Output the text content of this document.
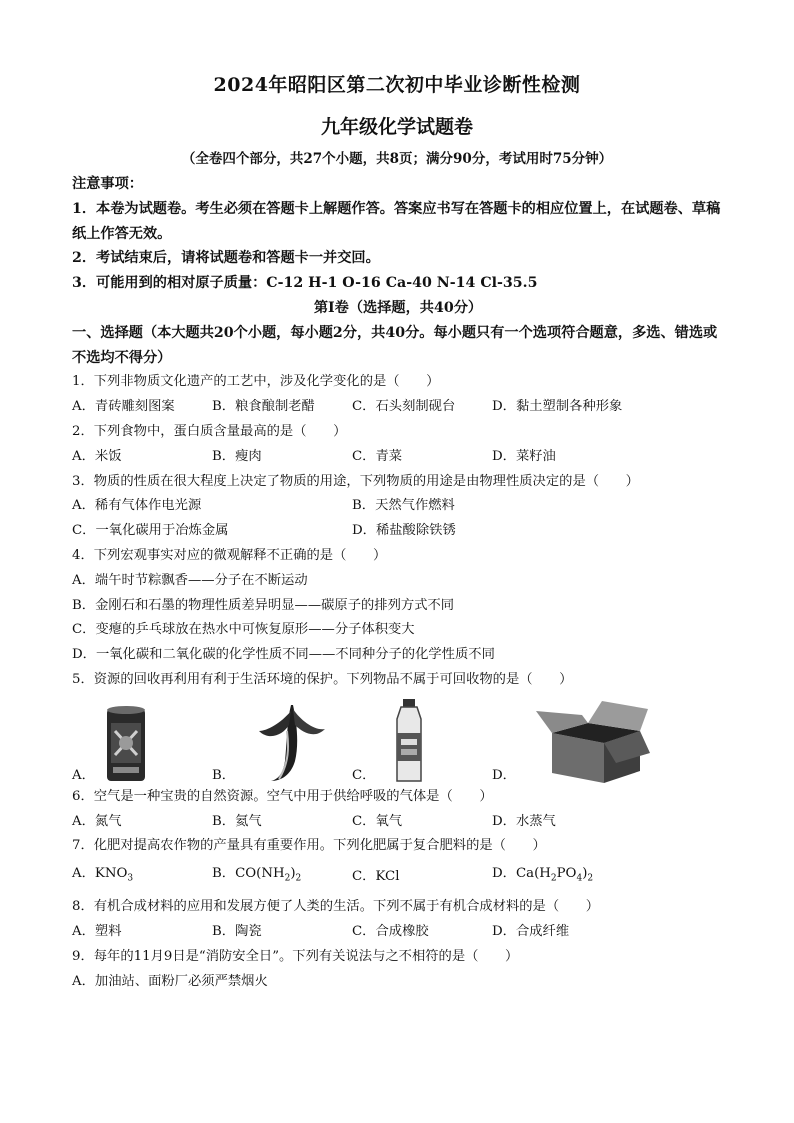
2024年昭阳区第二次初中毕业诊断性检测
九年级化学试题卷
（全卷四个部分，共27个小题，共8页；满分90分，考试用时75分钟）
注意事项：
1．本卷为试题卷。考生必须在答题卡上解题作答。答案应书写在答题卡的相应位置上，在试题卷、草稿纸上作答无效。
2．考试结束后，请将试题卷和答题卡一并交回。
3．可能用到的相对原子质量：C-12 H-1 O-16 Ca-40 N-14 Cl-35.5
第Ⅰ卷（选择题，共40分）
一、选择题（本大题共20个小题，每小题2分，共40分。每小题只有一个选项符合题意，多选、错选或不选均不得分）
1．下列非物质文化遗产的工艺中，涉及化学变化的是（　　）
A．青砖雕刻图案	B．粮食酿制老醋	C．石头刻制砚台	D．黏土塑制各种形象
2．下列食物中，蛋白质含量最高的是（　　）
A．米饭	B．瘦肉	C．青菜	D．菜籽油
3．物质的性质在很大程度上决定了物质的用途，下列物质的用途是由物理性质决定的是（　　）
A．稀有气体作电光源	B．天然气作燃料
C．一氧化碳用于冶炼金属	D．稀盐酸除铁锈
4．下列宏观事实对应的微观解释不正确的是（　　）
A．端午时节粽飘香——分子在不断运动
B．金刚石和石墨的物理性质差异明显——碳原子的排列方式不同
C．变瘪的乒乓球放在热水中可恢复原形——分子体积变大
D．一氧化碳和二氧化碳的化学性质不同——不同种分子的化学性质不同
5．资源的回收再利用有利于生活环境的保护。下列物品不属于可回收物的是（　　）
A．	B．	C．	D．
6．空气是一种宝贵的自然资源。空气中用于供给呼吸的气体是（　　）
A．氮气	B．氦气	C．氧气	D．水蒸气
7．化肥对提高农作物的产量具有重要作用。下列化肥属于复合肥料的是（　　）
A．$KNO_3$	B．$CO(NH_2)_2$	C．KCl	D．$Ca(H_2PO_4)_2$
8．有机合成材料的应用和发展方便了人类的生活。下列不属于有机合成材料的是（　　）
A．塑料	B．陶瓷	C．合成橡胶	D．合成纤维
9．每年的11月9日是“消防安全日”。下列有关说法与之不相符的是（　　）
A．加油站、面粉厂必须严禁烟火
